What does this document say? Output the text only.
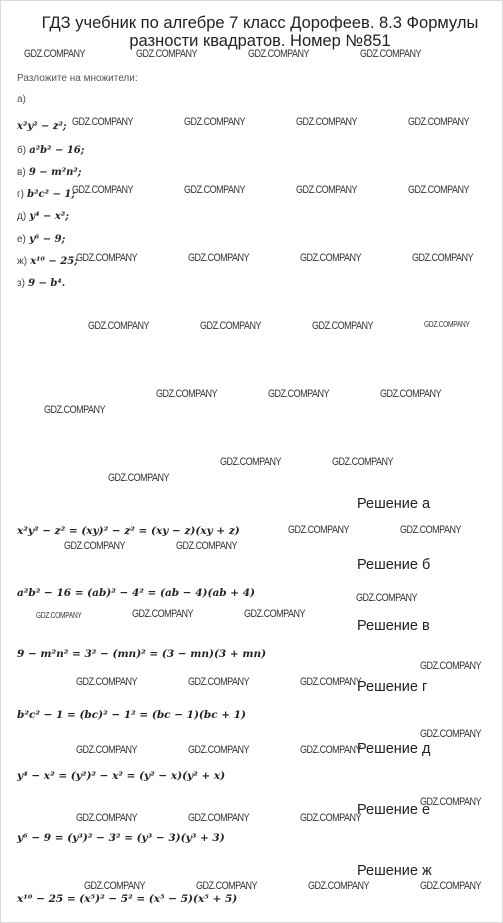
ГДЗ учебник по алгебре 7 класс Дорофеев. 8.3 Формулы разности квадратов. Номер №851
Разложите на множители:
а)
x²y² − z²;
б) a²b² − 16;
в) 9 − m²n²;
г) b²c² − 1;
д) y⁴ − x²;
е) y⁶ − 9;
ж) x¹⁰ − 25;
з) 9 − b⁴.
Решение а
x²y² − z² = (xy)² − z² = (xy − z)(xy + z)
Решение б
a²b² − 16 = (ab)² − 4² = (ab − 4)(ab + 4)
Решение в
9 − m²n² = 3² − (mn)² = (3 − mn)(3 + mn)
Решение г
b²c² − 1 = (bc)² − 1² = (bc − 1)(bc + 1)
Решение д
y⁴ − x² = (y²)² − x² = (y² − x)(y² + x)
Решение е
y⁶ − 9 = (y³)² − 3² = (y³ − 3)(y³ + 3)
Решение ж
x¹⁰ − 25 = (x⁵)² − 5² = (x⁵ − 5)(x⁵ + 5)
GDZ.COMPANY	GDZ.COMPANY	GDZ.COMPANY	GDZ.COMPANY
GDZ.COMPANY	GDZ.COMPANY	GDZ.COMPANY	GDZ.COMPANY
GDZ.COMPANY	GDZ.COMPANY	GDZ.COMPANY	GDZ.COMPANY
GDZ.COMPANY	GDZ.COMPANY	GDZ.COMPANY	GDZ.COMPANY
GDZ.COMPANY	GDZ.COMPANY	GDZ.COMPANY	GDZ.COMPANY
GDZ.COMPANY	GDZ.COMPANY	GDZ.COMPANY
GDZ.COMPANY
GDZ.COMPANY	GDZ.COMPANY
GDZ.COMPANY
GDZ.COMPANY	GDZ.COMPANY
GDZ.COMPANY	GDZ.COMPANY
GDZ.COMPANY
GDZ.COMPANY	GDZ.COMPANY	GDZ.COMPANY
GDZ.COMPANY
GDZ.COMPANY	GDZ.COMPANY	GDZ.COMPANY
GDZ.COMPANY
GDZ.COMPANY	GDZ.COMPANY	GDZ.COMPANY
GDZ.COMPANY
GDZ.COMPANY	GDZ.COMPANY	GDZ.COMPANY
GDZ.COMPANY	GDZ.COMPANY	GDZ.COMPANY	GDZ.COMPANY
